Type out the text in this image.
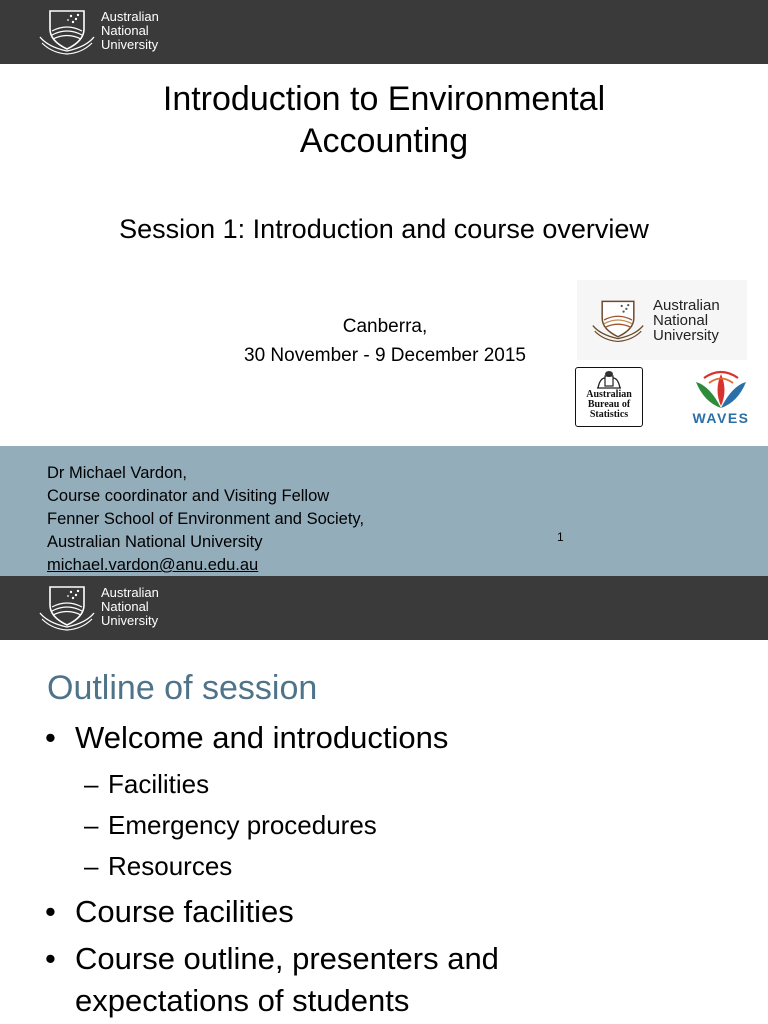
Australian
National
University
Introduction to Environmental
Accounting
Session 1: Introduction and course overview
Canberra,
30 November - 9 December 2015
Australian
National
University
Australian
Bureau of
Statistics	WAVES
Dr Michael Vardon,
Course coordinator and Visiting Fellow
Fenner School of Environment and Society,
Australian National University
michael.vardon@anu.edu.au
1
Australian
National
University
Outline of session
• Welcome and introductions
– Facilities
– Emergency procedures
– Resources
• Course facilities
• Course outline, presenters and
expectations of students
